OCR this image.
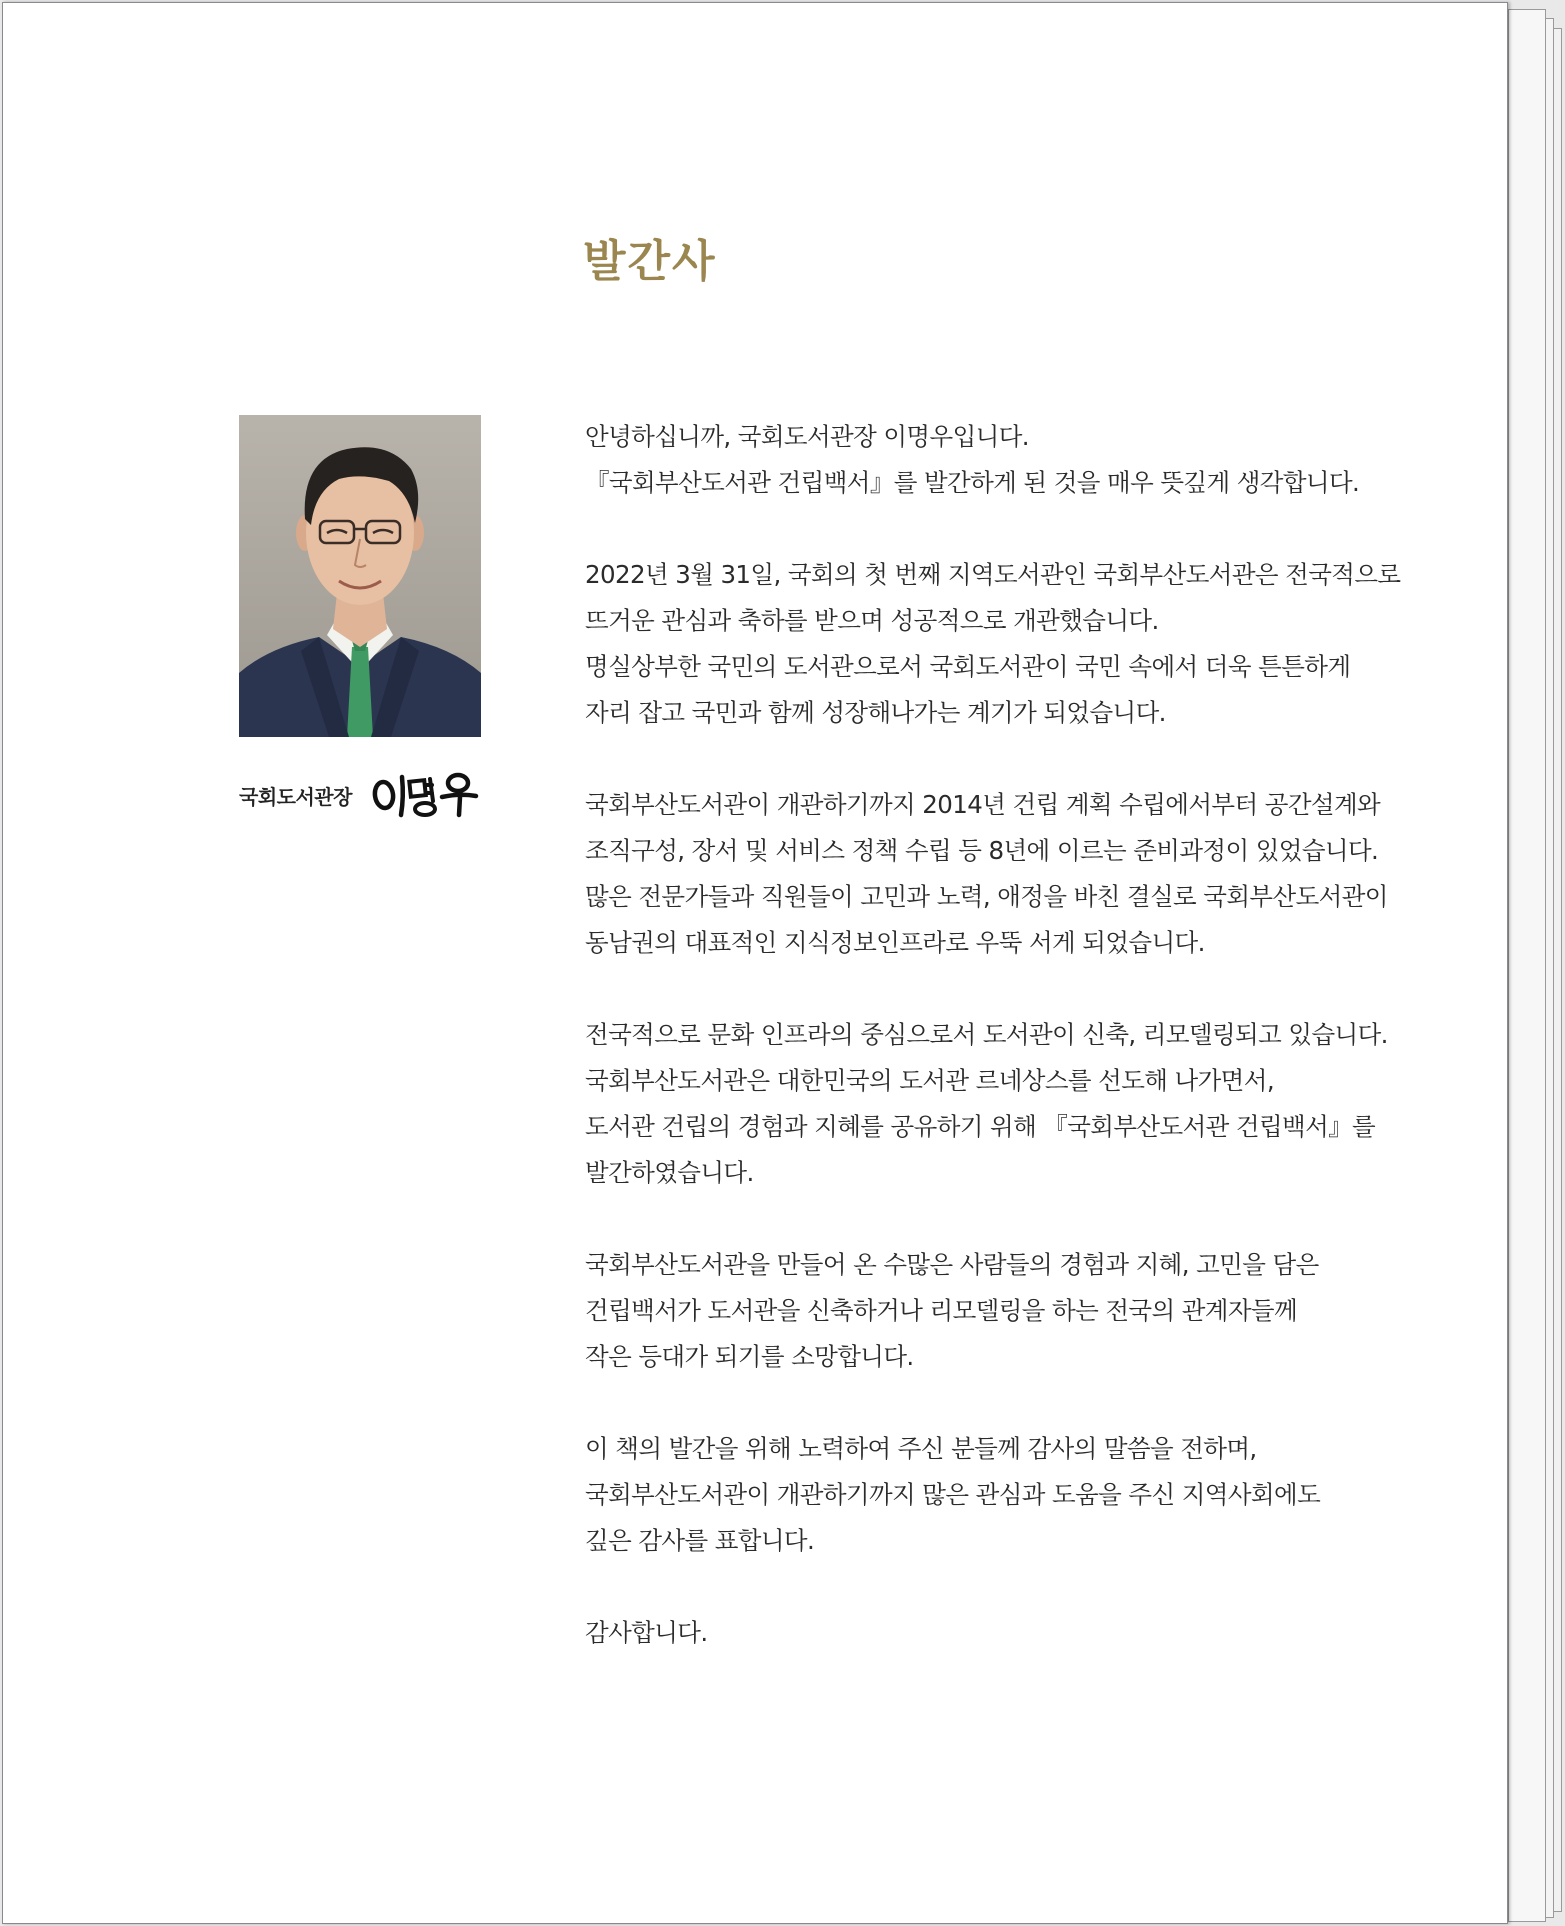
발간사
국회도서관장
안녕하십니까, 국회도서관장 이명우입니다.
『국회부산도서관 건립백서』를 발간하게 된 것을 매우 뜻깊게 생각합니다.
2022년 3월 31일, 국회의 첫 번째 지역도서관인 국회부산도서관은 전국적으로
뜨거운 관심과 축하를 받으며 성공적으로 개관했습니다.
명실상부한 국민의 도서관으로서 국회도서관이 국민 속에서 더욱 튼튼하게
자리 잡고 국민과 함께 성장해나가는 계기가 되었습니다.
국회부산도서관이 개관하기까지 2014년 건립 계획 수립에서부터 공간설계와
조직구성, 장서 및 서비스 정책 수립 등 8년에 이르는 준비과정이 있었습니다.
많은 전문가들과 직원들이 고민과 노력, 애정을 바친 결실로 국회부산도서관이
동남권의 대표적인 지식정보인프라로 우뚝 서게 되었습니다.
전국적으로 문화 인프라의 중심으로서 도서관이 신축, 리모델링되고 있습니다.
국회부산도서관은 대한민국의 도서관 르네상스를 선도해 나가면서,
도서관 건립의 경험과 지혜를 공유하기 위해 『국회부산도서관 건립백서』를
발간하였습니다.
국회부산도서관을 만들어 온 수많은 사람들의 경험과 지혜, 고민을 담은
건립백서가 도서관을 신축하거나 리모델링을 하는 전국의 관계자들께
작은 등대가 되기를 소망합니다.
이 책의 발간을 위해 노력하여 주신 분들께 감사의 말씀을 전하며,
국회부산도서관이 개관하기까지 많은 관심과 도움을 주신 지역사회에도
깊은 감사를 표합니다.
감사합니다.
